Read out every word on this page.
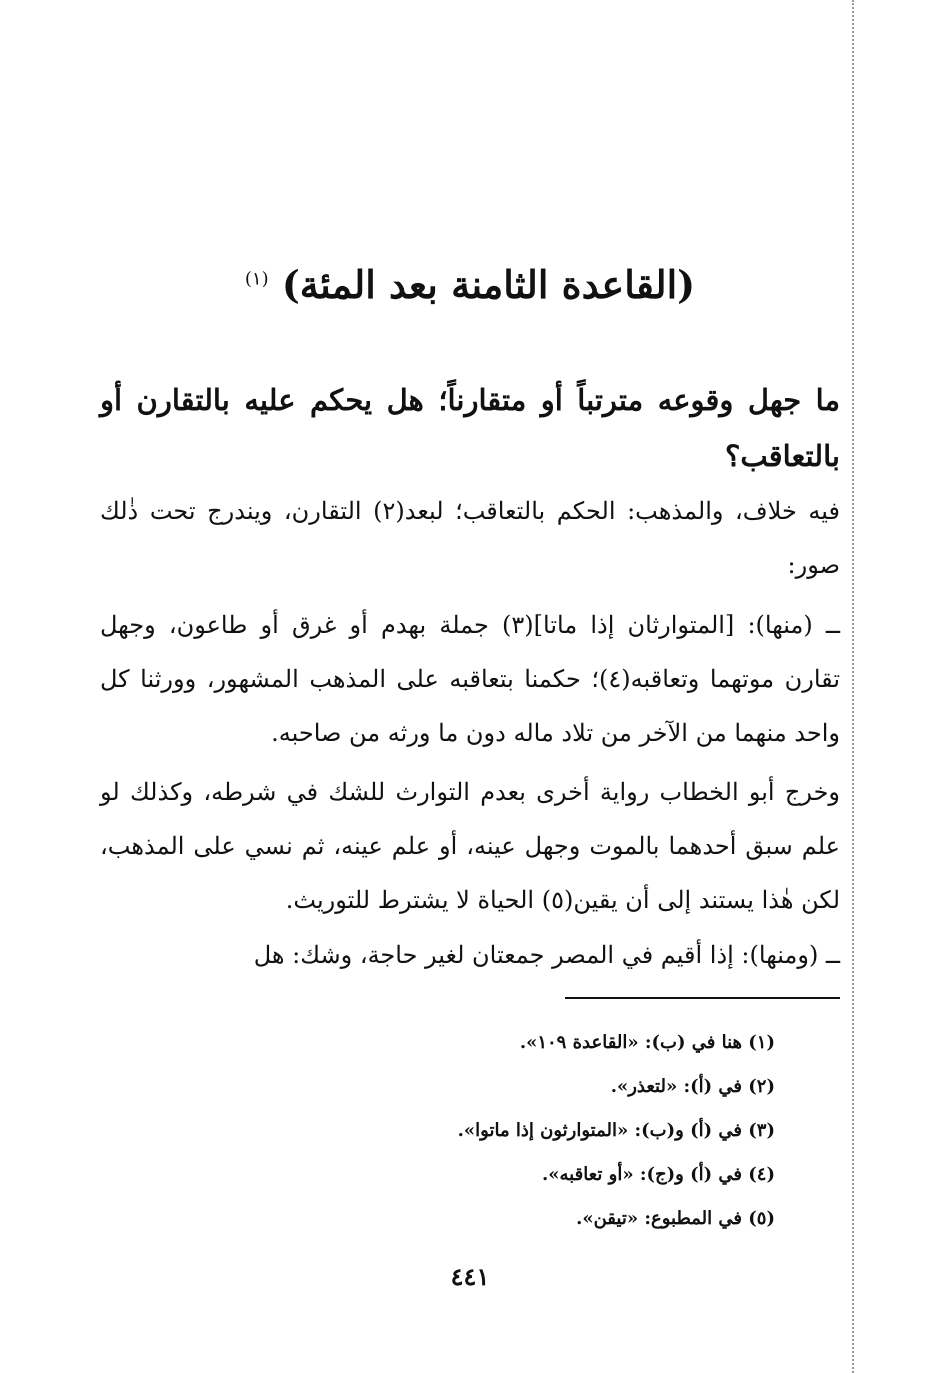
(القاعدة الثامنة بعد المئة) $^{(١)}$

ما جهل وقوعه مترتباً أو متقارناً؛ هل يحكم عليه بالتقارن أو بالتعاقب؟

فيه خلاف، والمذهب: الحكم بالتعاقب؛ لبعد(٢) التقارن، ويندرج تحت ذٰلك صور:

ــ (منها): [المتوارثان إذا ماتا](٣) جملة بهدم أو غرق أو طاعون، وجهل تقارن موتهما وتعاقبه(٤)؛ حكمنا بتعاقبه على المذهب المشهور، وورثنا كل واحد منهما من الآخر من تلاد ماله دون ما ورثه من صاحبه.

وخرج أبو الخطاب رواية أخرى بعدم التوارث للشك في شرطه، وكذلك لو علم سبق أحدهما بالموت وجهل عينه، أو علم عينه، ثم نسي على المذهب، لكن هٰذا يستند إلى أن يقين(٥) الحياة لا يشترط للتوريث.

ــ (ومنها): إذا أقيم في المصر جمعتان لغير حاجة، وشك: هل

(١) هنا في (ب): «القاعدة ١٠٩».
(٢) في (أ): «لتعذر».
(٣) في (أ) و(ب): «المتوارثون إذا ماتوا».
(٤) في (أ) و(ج): «أو تعاقبه».
(٥) في المطبوع: «تيقن».
٤٤١
